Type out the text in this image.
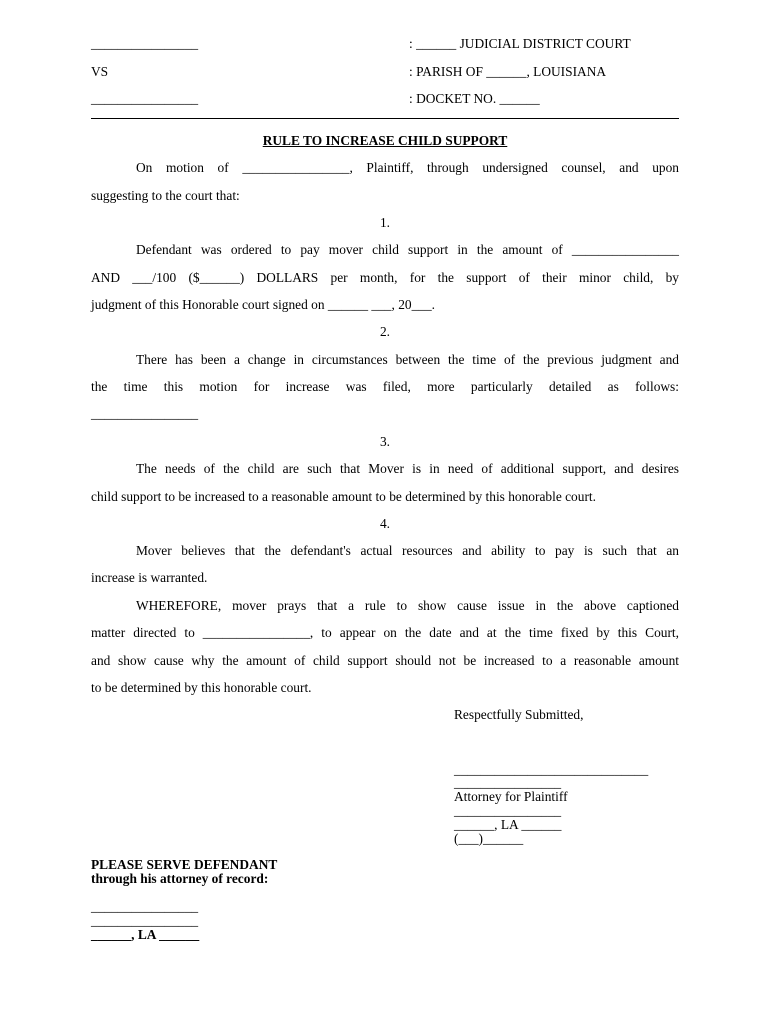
________________
VS
________________
: ______ JUDICIAL DISTRICT COURT
: PARISH OF ______, LOUISIANA
: DOCKET NO. ______
RULE TO INCREASE CHILD SUPPORT
On motion of ________________, Plaintiff, through undersigned counsel, and upon
suggesting to the court that:
1.
Defendant was ordered to pay mover child support in the amount of ________________
AND ___/100 ($______) DOLLARS per month, for the support of their minor child, by
judgment of this Honorable court signed on ______ ___, 20___.
2.
There has been a change in circumstances between the time of the previous judgment and
the time this motion for increase was filed, more particularly detailed as follows:
________________
3.
The needs of the child are such that Mover is in need of additional support, and desires
child support to be increased to a reasonable amount to be determined by this honorable court.
4.
Mover believes that the defendant's actual resources and ability to pay is such that an
increase is warranted.
WHEREFORE, mover prays that a rule to show cause issue in the above captioned
matter directed to ________________, to appear on the date and at the time fixed by this Court,
and show cause why the amount of child support should not be increased to a reasonable amount
to be determined by this honorable court.
Respectfully Submitted,
_____________________________
________________
Attorney for Plaintiff
________________
______, LA ______
(___)______
PLEASE SERVE DEFENDANT
through his attorney of record:
________________
________________
______, LA ______
